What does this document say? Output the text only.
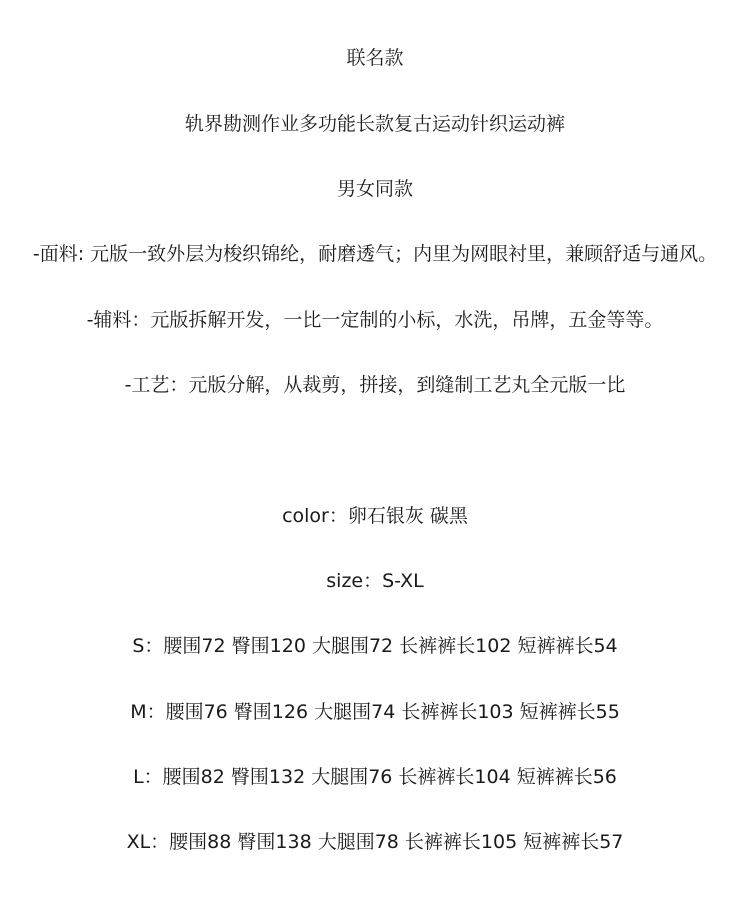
联名款
轨界勘测作业多功能长款复古运动针织运动裤
男女同款
-面料: 元版一致外层为梭织锦纶，耐磨透气；内里为网眼衬里，兼顾舒适与通风。
-辅料：元版拆解开发，一比一定制的小标，水洗，吊牌，五金等等。
-工艺：元版分解，从裁剪，拼接，到缝制工艺丸全元版一比
color：卵石银灰 碳黑
size：S-XL
S：腰围72 臀围120 大腿围72 长裤裤长102 短裤裤长54
M：腰围76 臀围126 大腿围74 长裤裤长103 短裤裤长55
L：腰围82 臀围132 大腿围76 长裤裤长104 短裤裤长56
XL：腰围88 臀围138 大腿围78 长裤裤长105 短裤裤长57
